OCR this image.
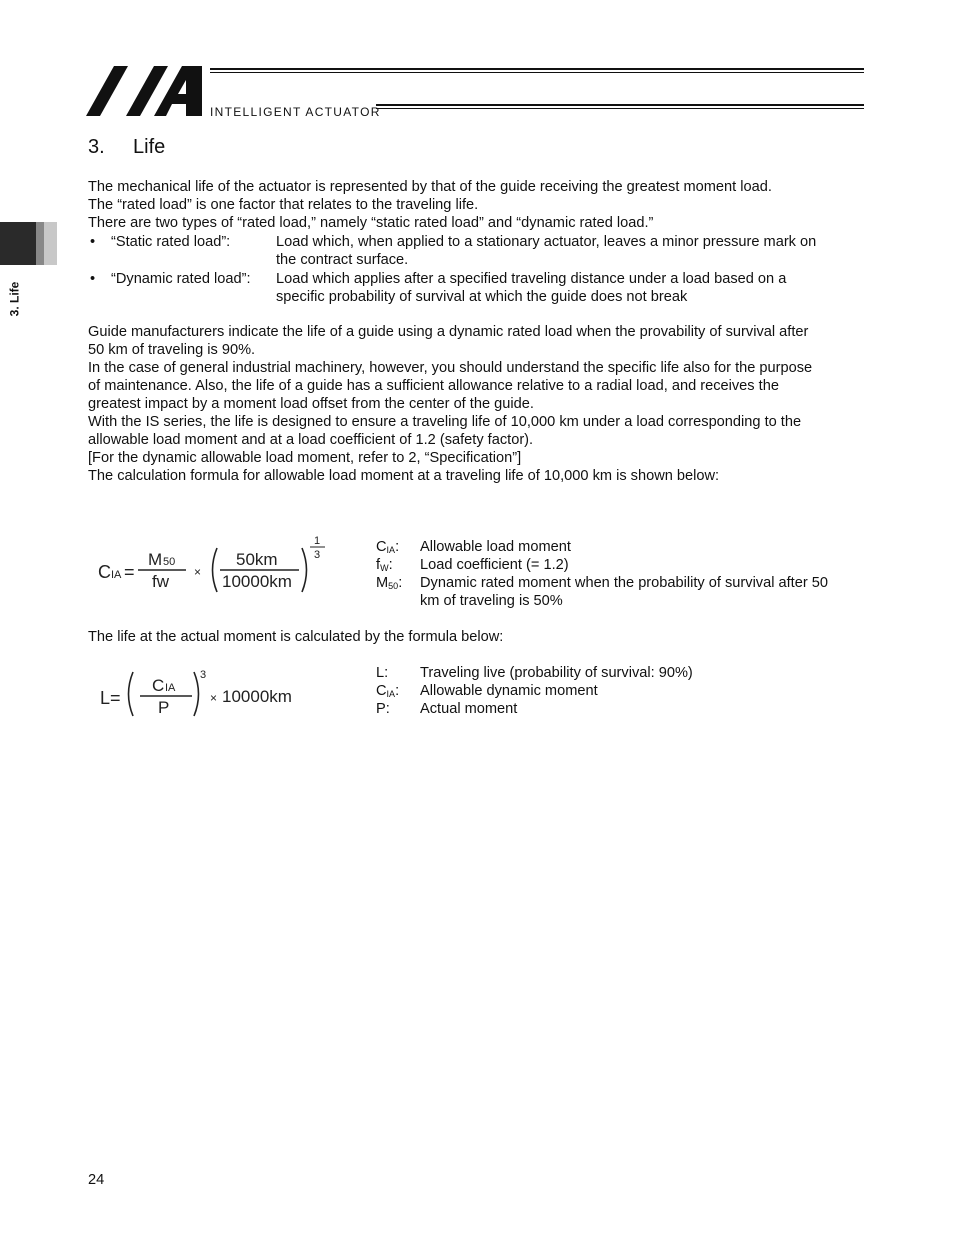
INTELLIGENT ACTUATOR
3. Life
3. Life
The mechanical life of the actuator is represented by that of the guide receiving the greatest moment load.
The “rated load” is one factor that relates to the traveling life.
There are two types of “rated load,” namely “static rated load” and “dynamic rated load.”
• “Static rated load”:	Load which, when applied to a stationary actuator, leaves a minor pressure mark on
the contract surface.
• “Dynamic rated load”: Load which applies after a specified traveling distance under a load based on a
specific probability of survival at which the guide does not break
Guide manufacturers indicate the life of a guide using a dynamic rated load when the provability of survival after
50 km of traveling is 90%.
In the case of general industrial machinery, however, you should understand the specific life also for the purpose
of maintenance. Also, the life of a guide has a sufficient allowance relative to a radial load, and receives the
greatest impact by a moment load offset from the center of the guide.
With the IS series, the life is designed to ensure a traveling life of 10,000 km under a load corresponding to the
allowable load moment and at a load coefficient of 1.2 (safety factor).
[For the dynamic allowable load moment, refer to 2, “Specification”]
The calculation formula for allowable load moment at a traveling life of 10,000 km is shown below:
C IA =
M 50
fw ×
50km
10000km
1
3	$C_{IA}$: Allowable load moment
$f_W$: Load coefficient (= 1.2)
$M_{50}$: Dynamic rated moment when the probability of survival after 50
km of traveling is 50%
The life at the actual moment is calculated by the formula below:
L=
C IA
P
3
× 10000km
L: Traveling live (probability of survival: 90%)
$C_{IA}$: Allowable dynamic moment
P: Actual moment
24
